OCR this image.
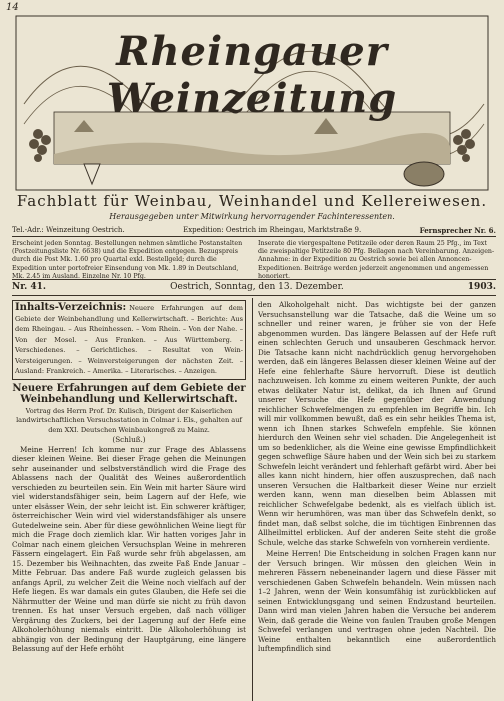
14
Rheingauer Weinzeitung
Fachblatt für Weinbau, Weinhandel und Kellereiwesen.
Herausgegeben unter Mitwirkung hervorragender Fachinteressenten.
Tel.-Adr.: Weinzeitung Oestrich.	Expedition: Oestrich im Rheingau, Marktstraße 9.	Fernsprecher Nr. 6.
Erscheint jeden Sonntag. Bestellungen nehmen sämtliche Postanstalten (Postzeitungsliste Nr. 6638) und die Expedition entgegen. Bezugspreis durch die Post Mk. 1.60 pro Quartal exkl. Bestellgeld; durch die Expedition unter portofreier Einsendung von Mk. 1.89 in Deutschland, Mk. 2.45 im Ausland. Einzelne Nr. 10 Pfg.
Inserate die viergespaltene Petitzeile oder deren Raum 25 Pfg., im Text die zweispaltige Petitzeile 80 Pfg. Beilagen nach Vereinbarung. Anzeigen-Annahme: in der Expedition zu Oestrich sowie bei allen Annoncen-Expeditionen. Beiträge werden jederzeit angenommen und angemessen honoriert.
Nr. 41.	Oestrich, Sonntag, den 13. Dezember.	1903.
Inhalts-Verzeichnis: Neuere Erfahrungen auf dem Gebiete der Weinbehandlung und Kellerwirtschaft. – Berichte: Aus dem Rheingau. – Aus Rheinhessen. – Vom Rhein. – Von der Nahe. – Von der Mosel. – Aus Franken. – Aus Württemberg. – Verschiedenes. – Gerichtliches. – Resultat von Wein-Versteigerungen. – Weinversteigerungen der nächsten Zeit. – Ausland: Frankreich. – Amerika. – Literarisches. – Anzeigen.
Neuere Erfahrungen auf dem Gebiete der Weinbehandlung und Kellerwirtschaft.

Vortrag des Herrn Prof. Dr. Kulisch, Dirigent der Kaiserlichen landwirtschaftlichen Versuchsstation in Colmar i. Els., gehalten auf dem XXI. Deutschen Weinbaukongreß zu Mainz.

(Schluß.)

Meine Herren! Ich komme nur zur Frage des Ablassens dieser kleinen Weine. Bei dieser Frage gehen die Meinungen sehr auseinander und selbstverständlich wird die Frage des Ablassens nach der Qualität des Weines außerordentlich verschieden zu beurteilen sein. Ein Wein mit harter Säure wird viel widerstandsfähiger sein, beim Lagern auf der Hefe, wie unter elsässer Wein, der sehr leicht ist. Ein schwerer kräftiger, österreichischer Wein wird viel widerstandsfähiger als unsere Gutedelweine sein. Aber für diese gewöhnlichen Weine liegt für mich die Frage doch ziemlich klar. Wir hatten voriges Jahr in Colmar nach einem gleichen Versuchsplan Weine in mehreren Fässern eingelagert. Ein Faß wurde sehr früh abgelassen, am 15. Dezember bis Weihnachten, das zweite Faß Ende Januar – Mitte Februar. Das andere Faß wurde zugleich gelassen bis anfangs April, zu welcher Zeit die Weine noch vielfach auf der Hefe liegen. Es war damals ein gutes Glauben, die Hefe sei die Nährmutter der Weine und man dürfe sie nicht zu früh davon trennen. Es hat unser Versuch ergeben, daß nach völliger Vergärung des Zuckers, bei der Lagerung auf der Hefe eine Alkoholerhöhung niemals eintritt. Die Alkoholerhöhung ist abhängig von der Bedingung der Hauptgärung, eine längere Belassung auf der Hefe erhöht

den Alkoholgehalt nicht. Das wichtigste bei der ganzen Versuchsanstellung war die Tatsache, daß die Weine um so schneller und reiner waren, je früher sie von der Hefe abgenommen wurden. Das längere Belassen auf der Hefe ruft einen schlechten Geruch und unsauberen Geschmack hervor. Die Tatsache kann nicht nachdrücklich genug hervorgehoben werden, daß ein längeres Belassen dieser kleinen Weine auf der Hefe eine fehlerhafte Säure hervorruft. Diese ist deutlich nachzuweisen. Ich komme zu einem weiteren Punkte, der auch etwas delikater Natur ist, delikat, da ich Ihnen auf Grund unserer Versuche die Hefe gegenüber der Anwendung reichlicher Schwefelmengen zu empfehlen im Begriffe bin. Ich will mir vollkommen bewußt, daß es ein sehr heikles Thema ist, wenn ich Ihnen starkes Schwefeln empfehle. Sie können hierdurch den Weinen sehr viel schaden. Die Angelegenheit ist um so bedenklicher, als die Weine eine gewisse Empfindlichkeit gegen schweflige Säure haben und der Wein sich bei zu starkem Schwefeln leicht verändert und fehlerhaft gefärbt wird. Aber bei alles kann nicht hindern, hier offen auszusprechen, daß nach unseren Versuchen die Haltbarkeit dieser Weine nur erzielt werden kann, wenn man dieselben beim Ablassen mit reichlicher Schwefelgabe bedenkt, als es vielfach üblich ist. Wenn wir herumhören, was man über das Schwefeln denkt, so findet man, daß selbst solche, die im tüchtigen Einbrennen das Allheilmittel erblicken. Auf der anderen Seite steht die große Schule, welche das starke Schwefeln von vornherein verdiente.

Meine Herren! Die Entscheidung in solchen Fragen kann nur der Versuch bringen. Wir müssen den gleichen Wein in mehreren Fässern nebeneinander lagern und diese Fässer mit verschiedenen Gaben Schwefeln behandeln. Wein müssen nach 1–2 Jahren, wenn der Wein konsumfähig ist zurückblicken auf seinen Entwicklungsgang und seinen Endzustand beurteilen. Dann wird man vielen Jahren haben die Versuche bei anderem Wein, daß gerade die Weine von faulen Trauben große Mengen Schwefel verlangen und vertragen ohne jeden Nachteil. Die Weine enthalten bekanntlich eine außerordentlich luftempfindlich sind
